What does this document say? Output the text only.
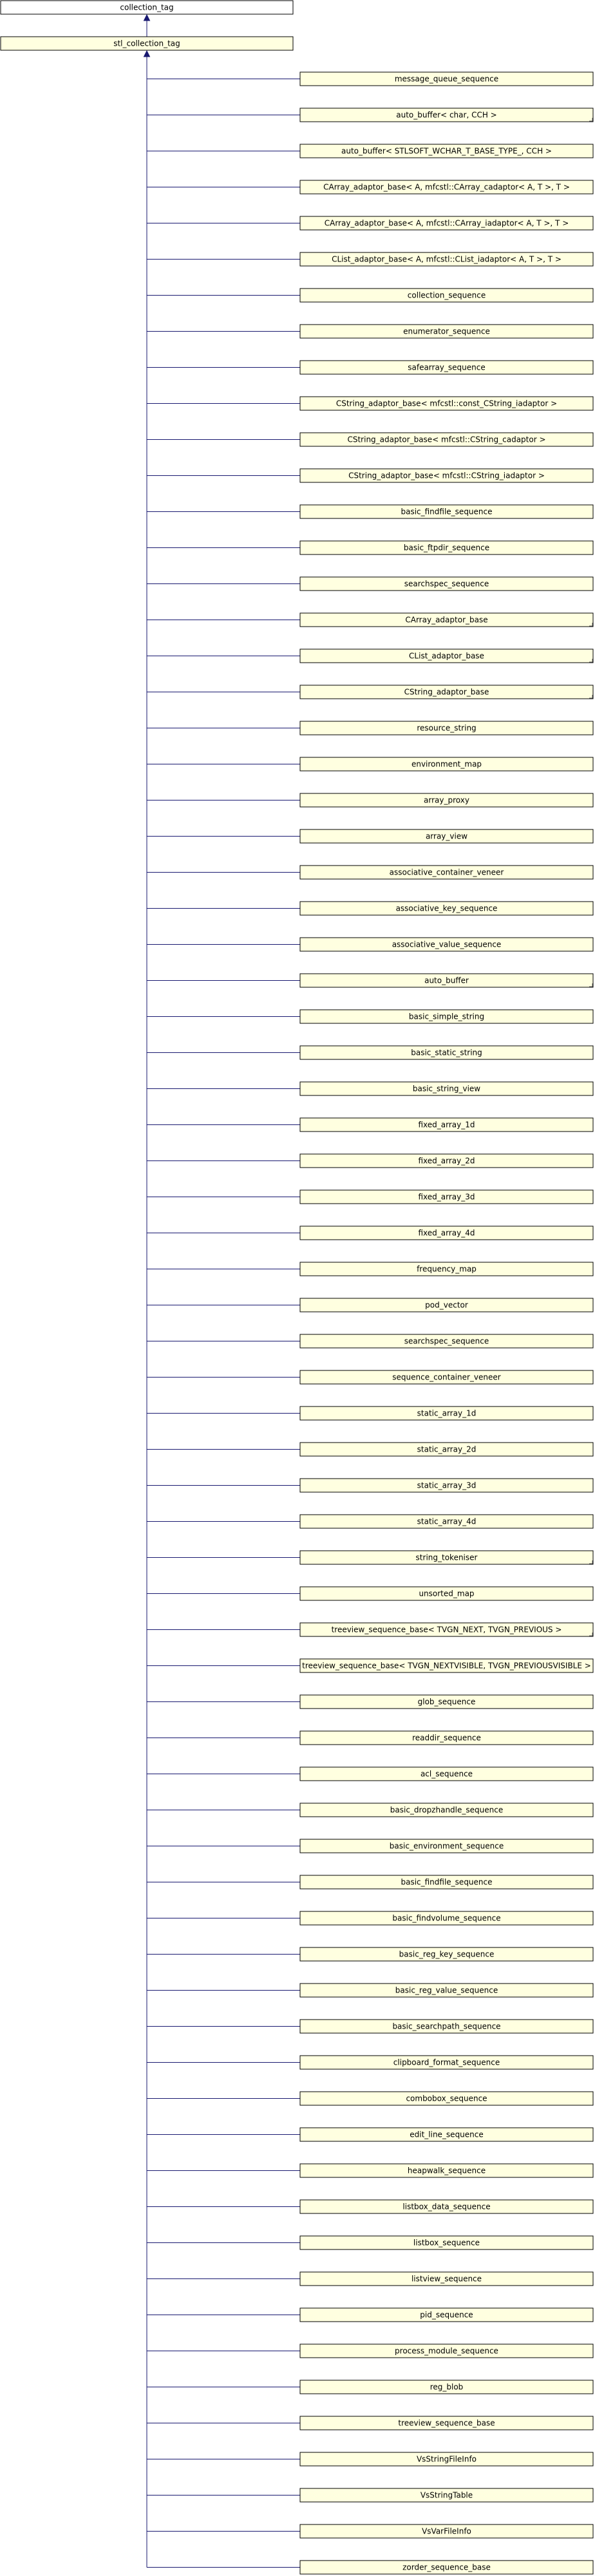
collection_tag
stl_collection_tag
message_queue_sequence
auto_buffer< char, CCH >
auto_buffer< STLSOFT_WCHAR_T_BASE_TYPE_, CCH >
CArray_adaptor_base< A, mfcstl::CArray_cadaptor< A, T >, T >
CArray_adaptor_base< A, mfcstl::CArray_iadaptor< A, T >, T >
CList_adaptor_base< A, mfcstl::CList_iadaptor< A, T >, T >
collection_sequence
enumerator_sequence
safearray_sequence
CString_adaptor_base< mfcstl::const_CString_iadaptor >
CString_adaptor_base< mfcstl::CString_cadaptor >
CString_adaptor_base< mfcstl::CString_iadaptor >
basic_findfile_sequence
basic_ftpdir_sequence
searchspec_sequence
CArray_adaptor_base
CList_adaptor_base
CString_adaptor_base
resource_string
environment_map
array_proxy
array_view
associative_container_veneer
associative_key_sequence
associative_value_sequence
auto_buffer
basic_simple_string
basic_static_string
basic_string_view
fixed_array_1d
fixed_array_2d
fixed_array_3d
fixed_array_4d
frequency_map
pod_vector
searchspec_sequence
sequence_container_veneer
static_array_1d
static_array_2d
static_array_3d
static_array_4d
string_tokeniser
unsorted_map
treeview_sequence_base< TVGN_NEXT, TVGN_PREVIOUS >
treeview_sequence_base< TVGN_NEXTVISIBLE, TVGN_PREVIOUSVISIBLE >
glob_sequence
readdir_sequence
acl_sequence
basic_dropzhandle_sequence
basic_environment_sequence
basic_findfile_sequence
basic_findvolume_sequence
basic_reg_key_sequence
basic_reg_value_sequence
basic_searchpath_sequence
clipboard_format_sequence
combobox_sequence
edit_line_sequence
heapwalk_sequence
listbox_data_sequence
listbox_sequence
listview_sequence
pid_sequence
process_module_sequence
reg_blob
treeview_sequence_base
VsStringFileInfo
VsStringTable
VsVarFileInfo
zorder_sequence_base
